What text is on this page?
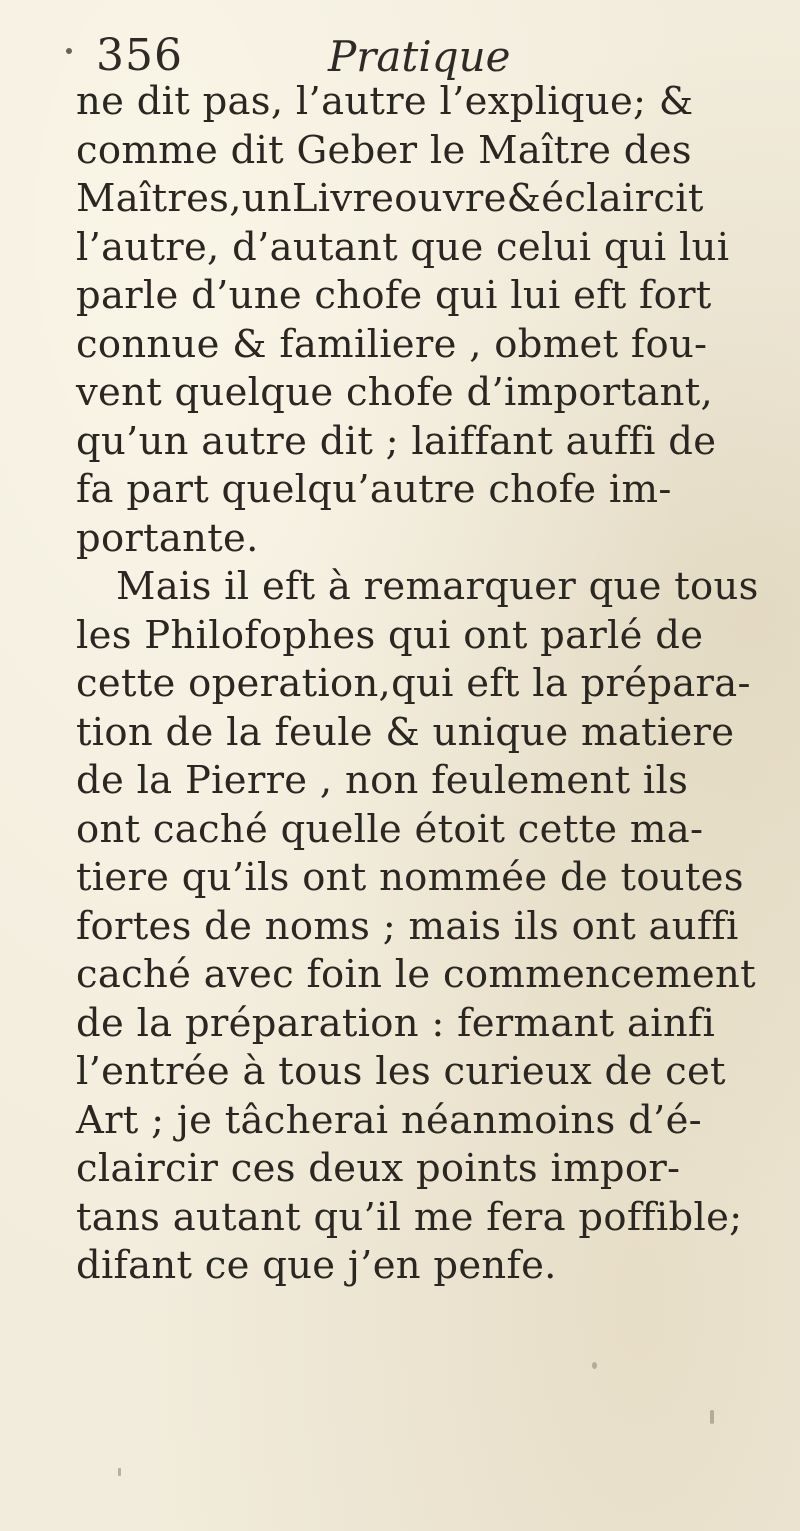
356	Pratique
ne dit pas, l’autre l’explique; &
comme dit Geber le Maître des
Maîtres,unLivreouvre&éclaircit
l’autre, d’autant que celui qui lui
parle d’une chofe qui lui eft fort
connue & familiere , obmet fou-
vent quelque chofe d’important,
qu’un autre dit ; laiffant auffi de
fa part quelqu’autre chofe im-
portante.
Mais il eft à remarquer que tous
les Philofophes qui ont parlé de
cette operation,qui eft la prépara-
tion de la feule & unique matiere
de la Pierre , non feulement ils
ont caché quelle étoit cette ma-
tiere qu’ils ont nommée de toutes
fortes de noms ; mais ils ont auffi
caché avec foin le commencement
de la préparation : fermant ainfi
l’entrée à tous les curieux de cet
Art ; je tâcherai néanmoins d’é-
claircir ces deux points impor-
tans autant qu’il me fera poffible;
difant ce que j’en penfe.
